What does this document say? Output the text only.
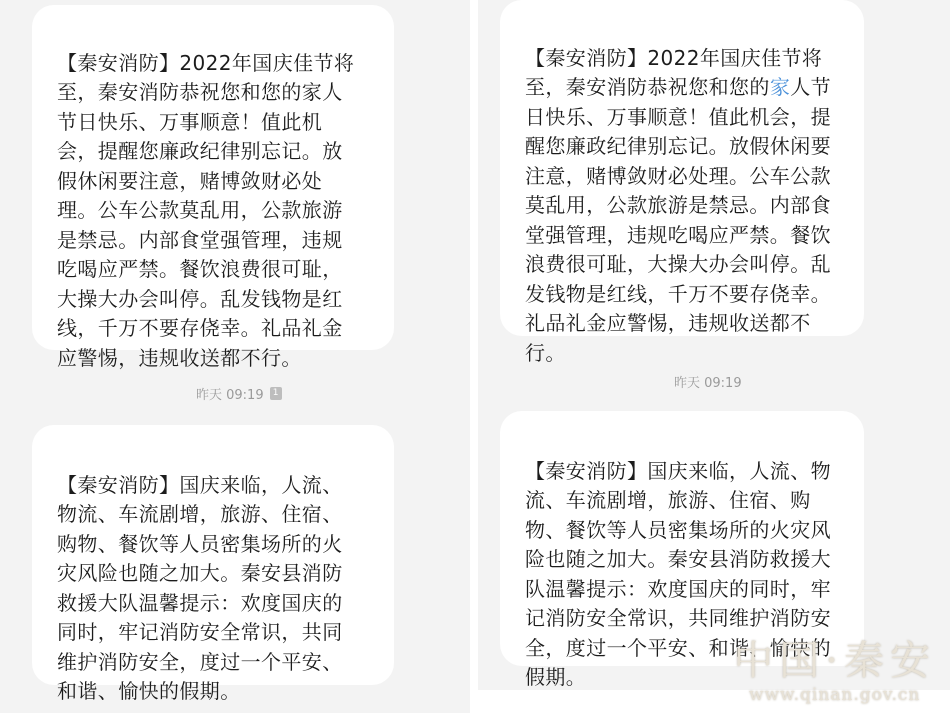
【秦安消防】2022年国庆佳节将
至，秦安消防恭祝您和您的家人
节日快乐、万事顺意！值此机
会，提醒您廉政纪律别忘记。放
假休闲要注意，赌博敛财必处
理。公车公款莫乱用，公款旅游
是禁忌。内部食堂强管理，违规
吃喝应严禁。餐饮浪费很可耻，
大操大办会叫停。乱发钱物是红
线，千万不要存侥幸。礼品礼金
应警惕，违规收送都不行。

昨天 09:19	1

【秦安消防】国庆来临，人流、
物流、车流剧增，旅游、住宿、
购物、餐饮等人员密集场所的火
灾风险也随之加大。秦安县消防
救援大队温馨提示：欢度国庆的
同时，牢记消防安全常识，共同
维护消防安全，度过一个平安、
和谐、愉快的假期。

【秦安消防】2022年国庆佳节将
至，秦安消防恭祝您和您的家人节
日快乐、万事顺意！值此机会，提
醒您廉政纪律别忘记。放假休闲要
注意，赌博敛财必处理。公车公款
莫乱用，公款旅游是禁忌。内部食
堂强管理，违规吃喝应严禁。餐饮
浪费很可耻，大操大办会叫停。乱
发钱物是红线，千万不要存侥幸。
礼品礼金应警惕，违规收送都不
行。

昨天 09:19

【秦安消防】国庆来临，人流、物
流、车流剧增，旅游、住宿、购
物、餐饮等人员密集场所的火灾风
险也随之加大。秦安县消防救援大
队温馨提示：欢度国庆的同时，牢
记消防安全常识，共同维护消防安
全，度过一个平安、和谐、愉快的
假期。	中国·秦安
www.qinan.gov.cn
